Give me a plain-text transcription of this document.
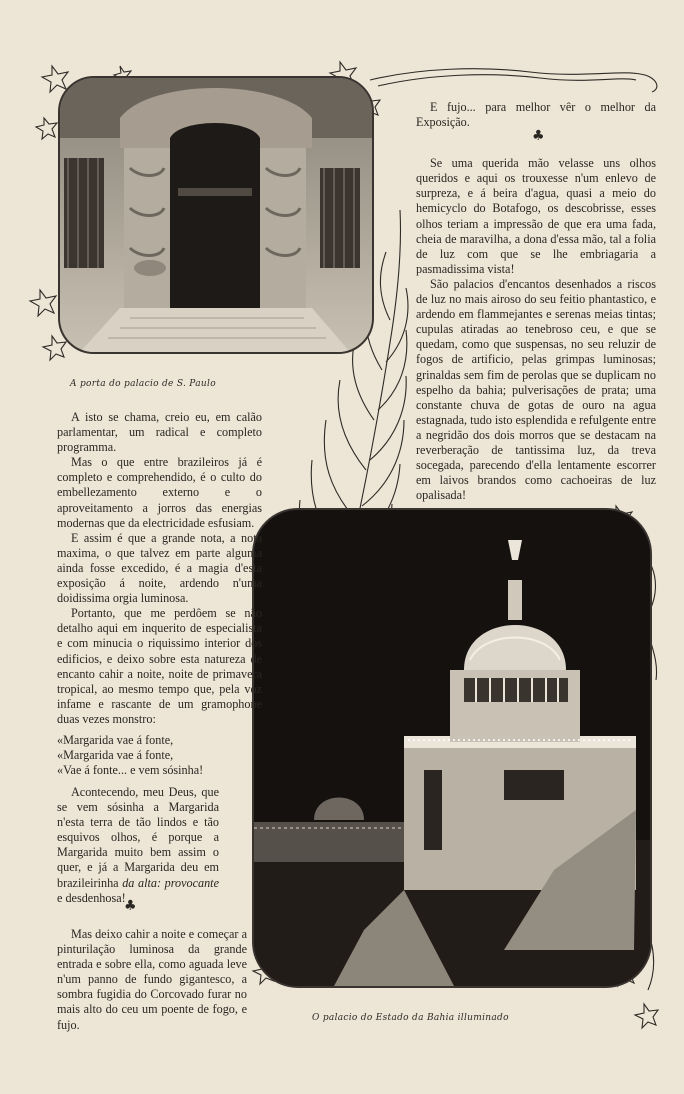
A porta do palacio de S. Paulo
O palacio do Estado da Bahia illuminado

E fujo... para melhor vêr o melhor da Exposição.

Se uma querida mão velasse uns olhos queridos e aqui os trouxesse n'um enlevo de surpreza, e á beira d'agua, quasi a meio do hemicyclo do Botafogo, os descobrisse, esses olhos teriam a impressão de que era uma fada, cheia de maravilha, a dona d'essa mão, tal a folia de luz com que se lhe embriagaria a pasmadissima vista!

São palacios d'encantos desenhados a riscos de luz no mais airoso do seu feitio phantastico, e ardendo em flammejantes e serenas meias tintas; cupulas atiradas ao tenebroso ceu, e que se quedam, como que suspensas, no seu reluzir de fogos de artificio, pelas grimpas luminosas; grinaldas sem fim de perolas que se duplicam no espelho da bahia; pulverisações de prata; uma constante chuva de gotas de ouro na agua estagnada, tudo isto esplendida e refulgente entre a negridão dos dois morros que se destacam na reverberação de tantissima luz, da treva socegada, parecendo d'ella lentamente escorrer em laivos brandos como cachoeiras de luz opalisada!

♣

A isto se chama, creio eu, em calão parlamentar, um radical e completo programma.

Mas o que entre brazileiros já é completo e comprehendido, é o culto do embellezamento externo e o aproveitamento a jorros das energias modernas que da electricidade esfusiam.

E assim é que a grande nota, a nota maxima, o que talvez em parte alguma ainda fosse excedido, é a magia d'esta exposição á noite, ardendo n'uma doidissima orgia luminosa.

Portanto, que me perdôem se não detalho aqui em inquerito de especialista e com minucia o riquissimo interior dos edificios, e deixo sobre esta natureza de encanto cahir a noite, noite de primavera tropical, ao mesmo tempo que, pela voz infame e rascante de um gramophone duas vezes monstro:

«Margarida vae á fonte,
«Margarida vae á fonte,
«Vae á fonte... e vem sósinha!

Acontecendo, meu Deus, que se vem sósinha a Margarida n'esta terra de tão lindos e tão esquivos olhos, é porque a Margarida muito bem assim o quer, e já a Margarida deu em brazileirinha da alta: provocante e desdenhosa!

♣

Mas deixo cahir a noite e começar a pinturilação luminosa da grande entrada e sobre ella, como aguada leve n'um panno de fundo gigantesco, a sombra fugidia do Corcovado furar no mais alto do ceu um poente de fogo, e fujo.
